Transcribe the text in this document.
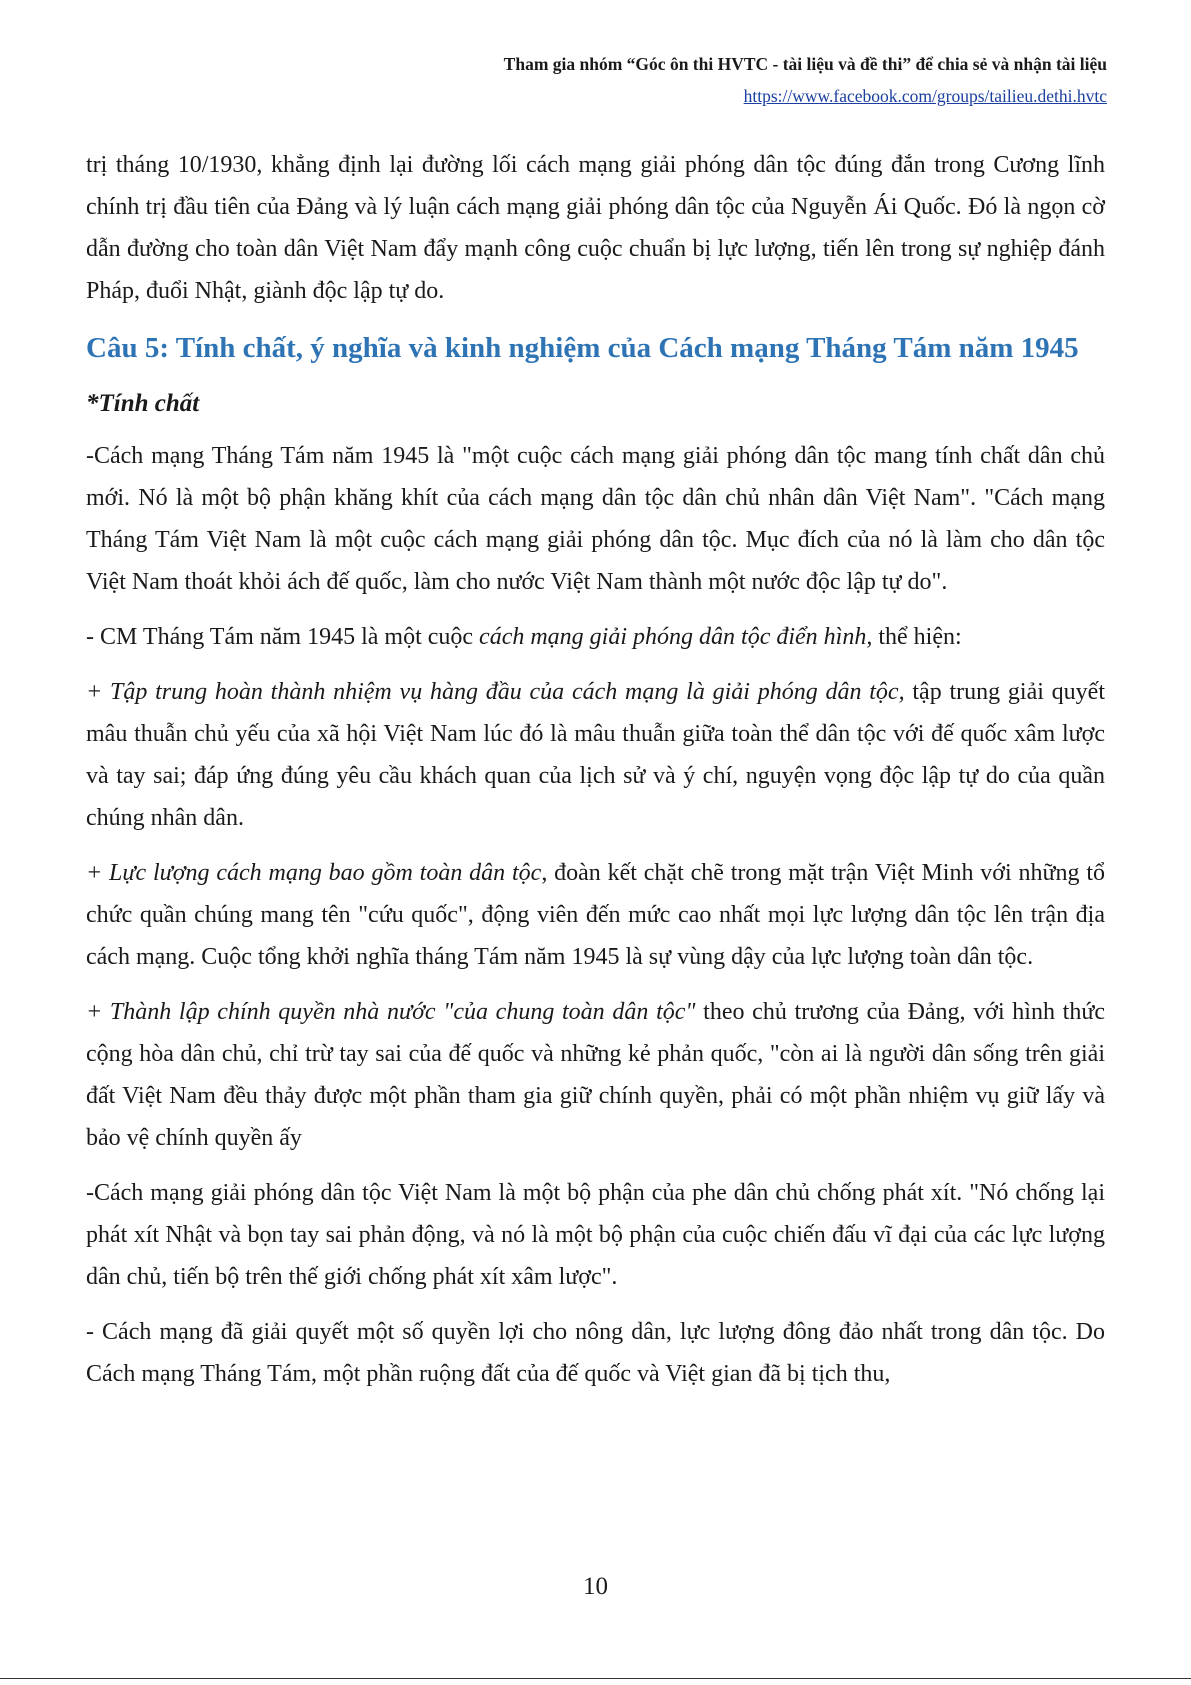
Tham gia nhóm “Góc ôn thi HVTC - tài liệu và đề thi” để chia sẻ và nhận tài liệu
https://www.facebook.com/groups/tailieu.dethi.hvtc

trị tháng 10/1930, khẳng định lại đường lối cách mạng giải phóng dân tộc đúng đắn trong Cương lĩnh chính trị đầu tiên của Đảng và lý luận cách mạng giải phóng dân tộc của Nguyễn Ái Quốc. Đó là ngọn cờ dẫn đường cho toàn dân Việt Nam đẩy mạnh công cuộc chuẩn bị lực lượng, tiến lên trong sự nghiệp đánh Pháp, đuổi Nhật, giành độc lập tự do.

Câu 5: Tính chất, ý nghĩa và kinh nghiệm của Cách mạng Tháng Tám năm 1945
*Tính chất

-Cách mạng Tháng Tám năm 1945 là "một cuộc cách mạng giải phóng dân tộc mang tính chất dân chủ mới. Nó là một bộ phận khăng khít của cách mạng dân tộc dân chủ nhân dân Việt Nam". "Cách mạng Tháng Tám Việt Nam là một cuộc cách mạng giải phóng dân tộc. Mục đích của nó là làm cho dân tộc Việt Nam thoát khỏi ách đế quốc, làm cho nước Việt Nam thành một nước độc lập tự do".

- CM Tháng Tám năm 1945 là một cuộc cách mạng giải phóng dân tộc điển hình, thể hiện:

+ Tập trung hoàn thành nhiệm vụ hàng đầu của cách mạng là giải phóng dân tộc, tập trung giải quyết mâu thuẫn chủ yếu của xã hội Việt Nam lúc đó là mâu thuẫn giữa toàn thể dân tộc với đế quốc xâm lược và tay sai; đáp ứng đúng yêu cầu khách quan của lịch sử và ý chí, nguyện vọng độc lập tự do của quần chúng nhân dân.

+ Lực lượng cách mạng bao gồm toàn dân tộc, đoàn kết chặt chẽ trong mặt trận Việt Minh với những tổ chức quần chúng mang tên "cứu quốc", động viên đến mức cao nhất mọi lực lượng dân tộc lên trận địa cách mạng. Cuộc tổng khởi nghĩa tháng Tám năm 1945 là sự vùng dậy của lực lượng toàn dân tộc.

+ Thành lập chính quyền nhà nước "của chung toàn dân tộc" theo chủ trương của Đảng, với hình thức cộng hòa dân chủ, chỉ trừ tay sai của đế quốc và những kẻ phản quốc, "còn ai là người dân sống trên giải đất Việt Nam đều thảy được một phần tham gia giữ chính quyền, phải có một phần nhiệm vụ giữ lấy và bảo vệ chính quyền ấy

-Cách mạng giải phóng dân tộc Việt Nam là một bộ phận của phe dân chủ chống phát xít. "Nó chống lại phát xít Nhật và bọn tay sai phản động, và nó là một bộ phận của cuộc chiến đấu vĩ đại của các lực lượng dân chủ, tiến bộ trên thế giới chống phát xít xâm lược".

- Cách mạng đã giải quyết một số quyền lợi cho nông dân, lực lượng đông đảo nhất trong dân tộc. Do Cách mạng Tháng Tám, một phần ruộng đất của đế quốc và Việt gian đã bị tịch thu,

10
